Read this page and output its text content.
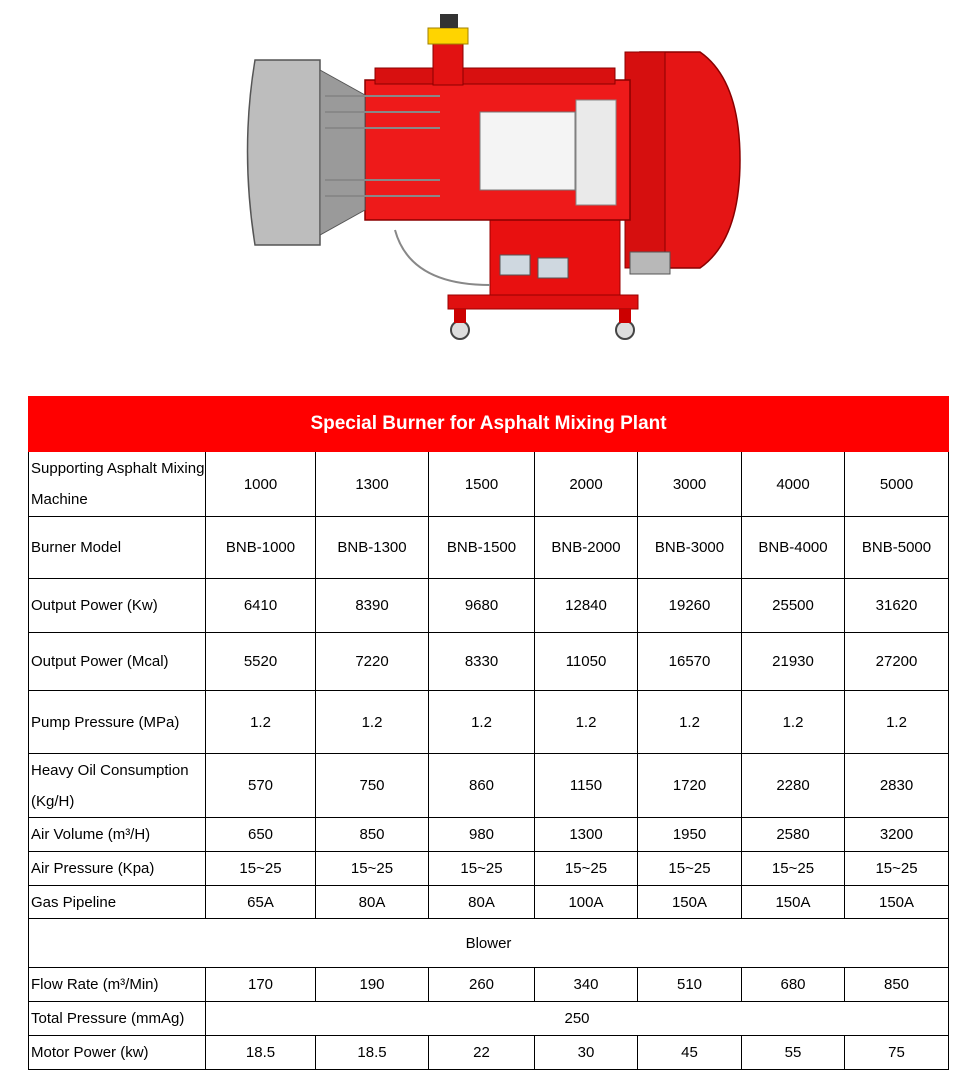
Special Burner for Asphalt Mixing Plant							
Supporting Asphalt Mixing Machine	1000	1300	1500	2000	3000	4000	5000
Burner Model	BNB-1000	BNB-1300	BNB-1500	BNB-2000	BNB-3000	BNB-4000	BNB-5000
Output Power (Kw)	6410	8390	9680	12840	19260	25500	31620
Output Power (Mcal)	5520	7220	8330	11050	16570	21930	27200
Pump Pressure (MPa)	1.2	1.2	1.2	1.2	1.2	1.2	1.2
Heavy Oil Consumption (Kg/H)	570	750	860	1150	1720	2280	2830
Air Volume (m³/H)	650	850	980	1300	1950	2580	3200
Air Pressure (Kpa)	15~25	15~25	15~25	15~25	15~25	15~25	15~25
Gas Pipeline	65A	80A	80A	100A	150A	150A	150A
Blower							
Flow Rate (m³/Min)	170	190	260	340	510	680	850
Total Pressure (mmAg)	250						
Motor Power (kw)	18.5	18.5	22	30	45	55	75
